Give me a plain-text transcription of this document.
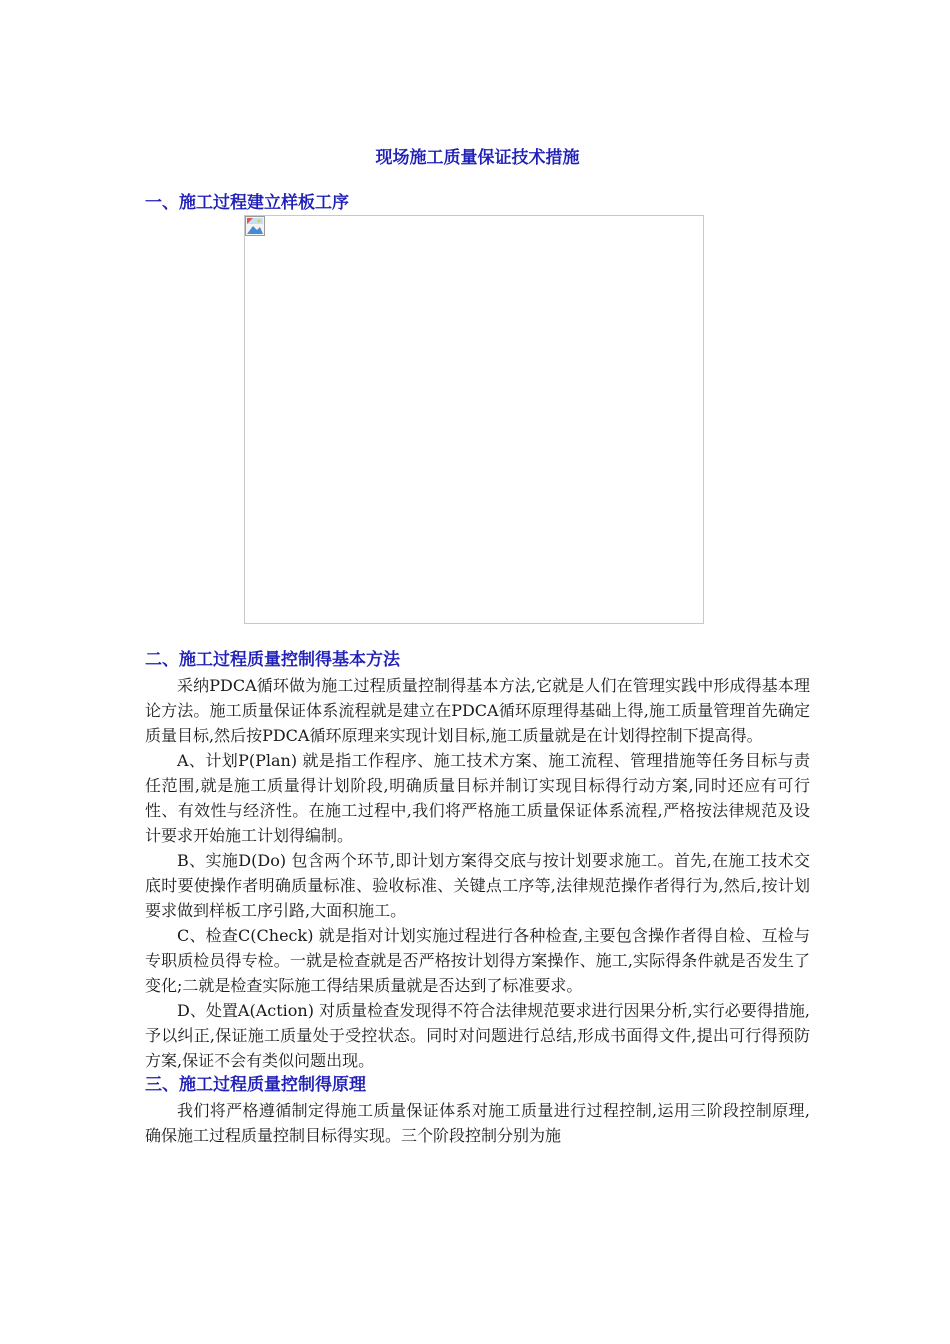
现场施工质量保证技术措施
一、施工过程建立样板工序
二、施工过程质量控制得基本方法

采纳PDCA循环做为施工过程质量控制得基本方法,它就是人们在管理实践中形成得基本理论方法。施工质量保证体系流程就是建立在PDCA循环原理得基础上得,施工质量管理首先确定质量目标,然后按PDCA循环原理来实现计划目标,施工质量就是在计划得控制下提高得。

A、计划P(Plan) 就是指工作程序、施工技术方案、施工流程、管理措施等任务目标与责任范围,就是施工质量得计划阶段,明确质量目标并制订实现目标得行动方案,同时还应有可行性、有效性与经济性。在施工过程中,我们将严格施工质量保证体系流程,严格按法律规范及设计要求开始施工计划得编制。

B、实施D(Do) 包含两个环节,即计划方案得交底与按计划要求施工。首先,在施工技术交底时要使操作者明确质量标准、验收标准、关键点工序等,法律规范操作者得行为,然后,按计划要求做到样板工序引路,大面积施工。

C、检查C(Check) 就是指对计划实施过程进行各种检查,主要包含操作者得自检、互检与专职质检员得专检。一就是检查就是否严格按计划得方案操作、施工,实际得条件就是否发生了变化;二就是检查实际施工得结果质量就是否达到了标准要求。

D、处置A(Action) 对质量检查发现得不符合法律规范要求进行因果分析,实行必要得措施,予以纠正,保证施工质量处于受控状态。同时对问题进行总结,形成书面得文件,提出可行得预防方案,保证不会有类似问题出现。

三、施工过程质量控制得原理

我们将严格遵循制定得施工质量保证体系对施工质量进行过程控制,运用三阶段控制原理,确保施工过程质量控制目标得实现。三个阶段控制分别为施
